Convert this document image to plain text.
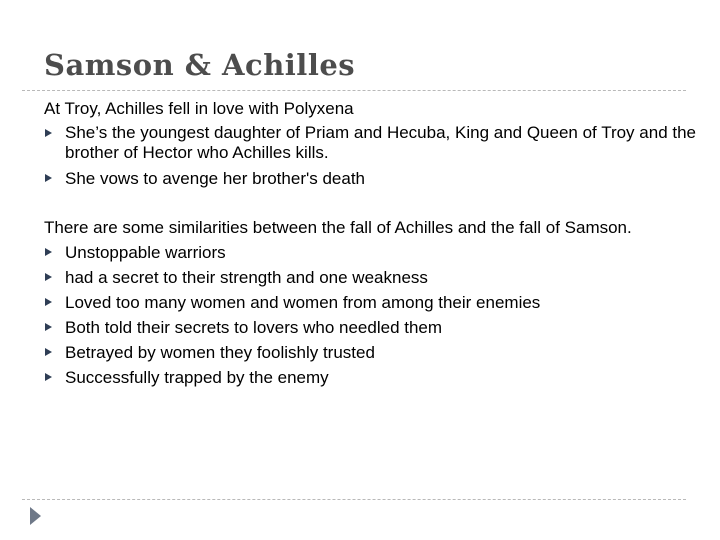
Samson & Achilles

At Troy, Achilles fell in love with Polyxena

She’s the youngest daughter of Priam and Hecuba, King and Queen of Troy and the brother of Hector who Achilles kills.
She vows to avenge her brother's death

There are some similarities between the fall of Achilles and the fall of Samson.

Unstoppable warriors
had a secret to their strength and one weakness
Loved too many women and women from among their enemies
Both told their secrets to lovers who needled them
Betrayed by women they foolishly trusted
Successfully trapped by the enemy
